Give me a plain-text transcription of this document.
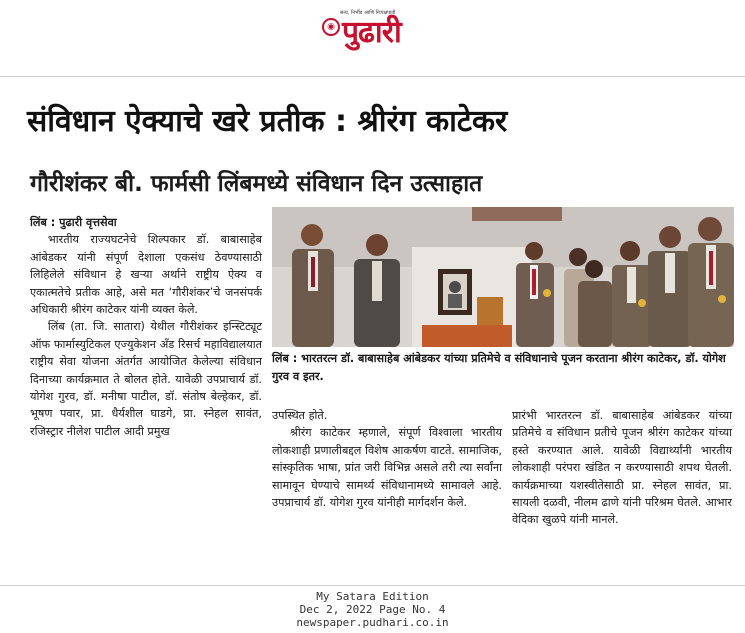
सत्य, निर्भीड आणि निःपक्षपाती
◉ पुढारी
संविधान ऐक्याचे खरे प्रतीक : श्रीरंग काटेकर
गौरीशंकर बी. फार्मसी लिंबमध्ये संविधान दिन उत्साहात

लिंब : पुढारी वृत्तसेवा

भारतीय राज्यघटनेचे शिल्पकार डॉ. बाबासाहेब आंबेडकर यांनी संपूर्ण देशाला एकसंध ठेवण्यासाठी लिहिलेले संविधान हे खऱ्या अर्थाने राष्ट्रीय ऐक्य व एकात्मतेचे प्रतीक आहे, असे मत ‘गौरीशंकर’चे जनसंपर्क अधिकारी श्रीरंग काटेकर यांनी व्यक्त केले.

लिंब (ता. जि. सातारा) येथील गौरीशंकर इन्स्टिट्यूट ऑफ फार्मास्युटिकल एज्युकेशन अँड रिसर्च महाविद्यालयात राष्ट्रीय सेवा योजना अंतर्गत आयोजित केलेल्या संविधान दिनाच्या कार्यक्रमात ते बोलत होते. यावेळी उपप्राचार्य डॉ. योगेश गुरव, डॉ. मनीषा पाटील, डॉ. संतोष बेल्हेकर, डॉ. भूषण पवार, प्रा. धैर्यशील घाडगे, प्रा. स्नेहल सावंत, रजिस्ट्रार नीलेश पाटील आदी प्रमुख

लिंब : भारतरत्न डॉ. बाबासाहेब आंबेडकर यांच्या प्रतिमेचे व संविधानाचे पूजन करताना श्रीरंग काटेकर, डॉ. योगेश गुरव व इतर.

उपस्थित होते.

श्रीरंग काटेकर म्हणाले, संपूर्ण विश्वाला भारतीय लोकशाही प्रणालीबद्दल विशेष आकर्षण वाटते. सामाजिक, सांस्कृतिक भाषा, प्रांत जरी विभिन्न असले तरी त्या सर्वांना सामावून घेण्याचे सामर्थ्य संविधानामध्ये सामावले आहे. उपप्राचार्य डॉ. योगेश गुरव यांनीही मार्गदर्शन केले.

प्रारंभी भारतरत्न डॉ. बाबासाहेब आंबेडकर यांच्या प्रतिमेचे व संविधान प्रतीचे पूजन श्रीरंग काटेकर यांच्या हस्ते करण्यात आले. यावेळी विद्यार्थ्यांनी भारतीय लोकशाही परंपरा खंडित न करण्यासाठी शपथ घेतली. कार्यक्रमाच्या यशस्वीतेसाठी प्रा. स्नेहल सावंत, प्रा. सायली दळवी, नीलम ढाणे यांनी परिश्रम घेतले. आभार वेदिका खुळपे यांनी मानले.

My Satara Edition
Dec 2, 2022 Page No. 4
newspaper.pudhari.co.in
